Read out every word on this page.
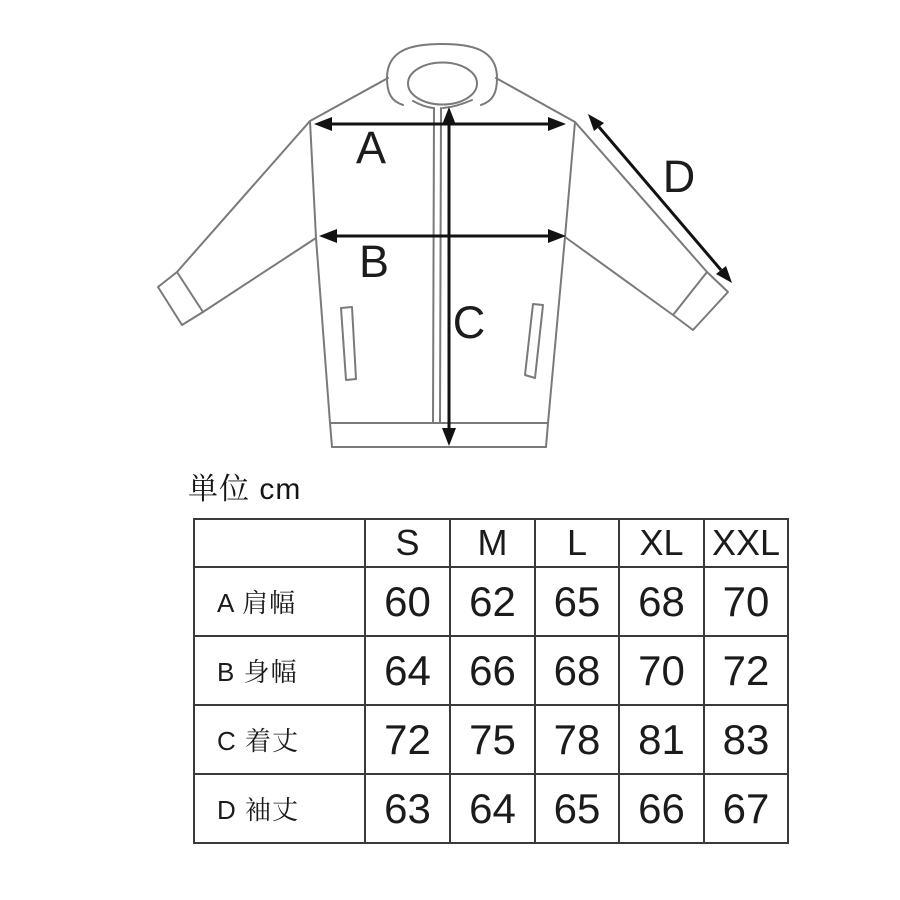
A
B
C
D
単位 cm
	S	M	L	XL	XXL
A 肩幅	60	62	65	68	70
B 身幅	64	66	68	70	72
C 着丈	72	75	78	81	83
D 袖丈	63	64	65	66	67
